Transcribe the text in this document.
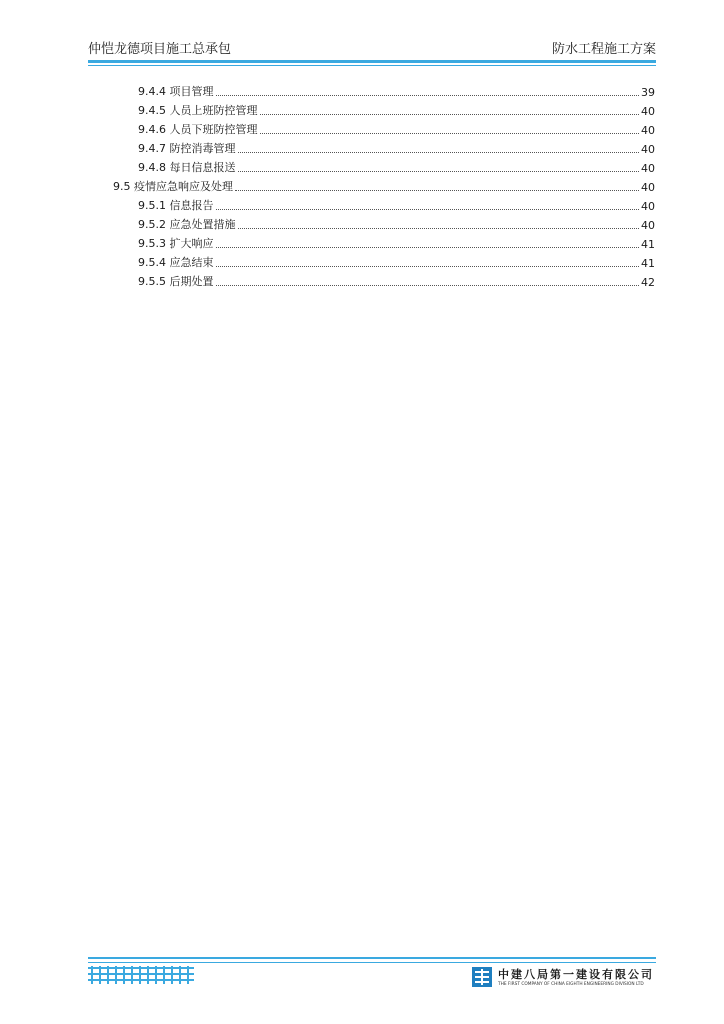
仲恺龙德项目施工总承包	防水工程施工方案
9.4.4 项目管理	39
9.4.5 人员上班防控管理	40
9.4.6 人员下班防控管理	40
9.4.7 防控消毒管理	40
9.4.8 每日信息报送	40
9.5 疫情应急响应及处理	40
9.5.1 信息报告	40
9.5.2 应急处置措施	40
9.5.3 扩大响应	41
9.5.4 应急结束	41
9.5.5 后期处置	42
中建八局第一建设有限公司
THE FIRST COMPANY OF CHINA EIGHTH ENGINEERING DIVISION LTD
